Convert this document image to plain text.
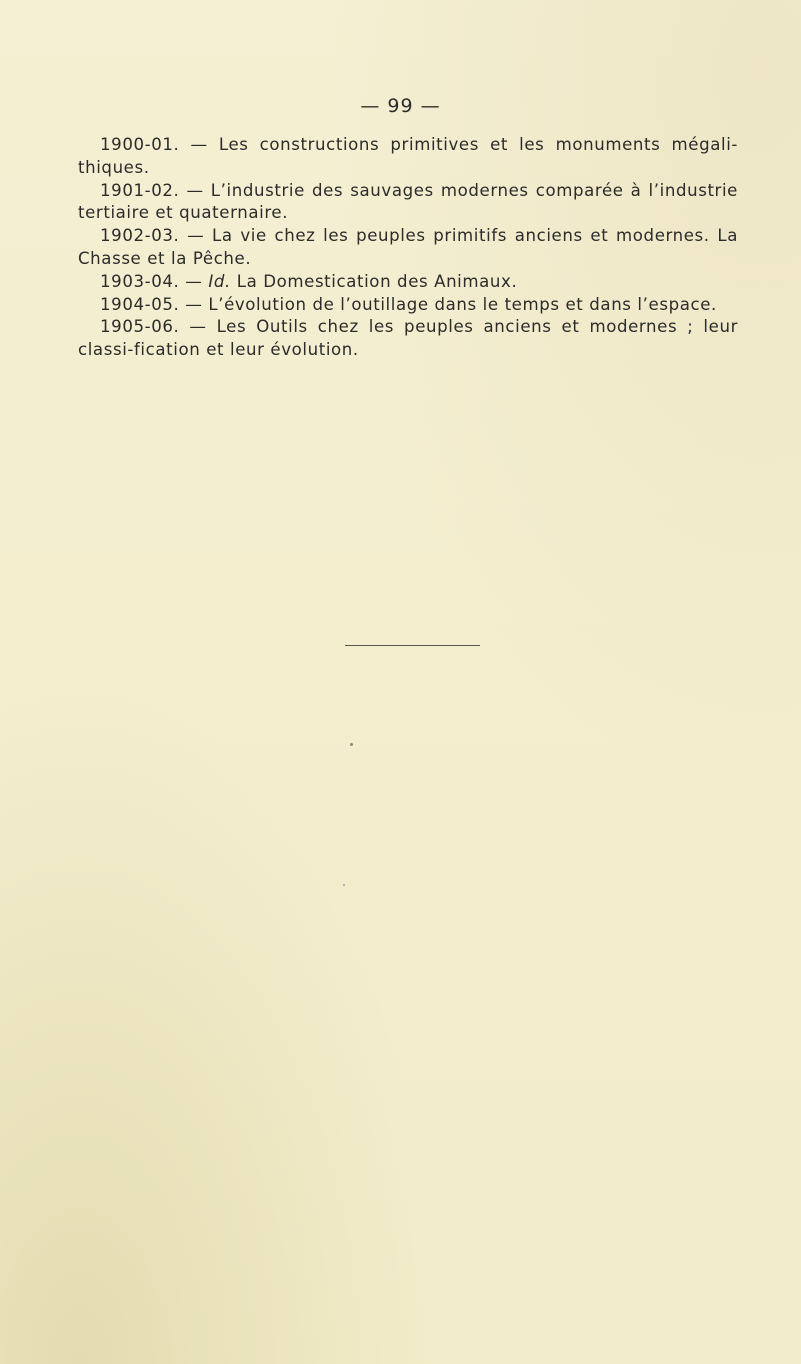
— 99 —

1900-01. — Les constructions primitives et les monuments mégali-thiques.

1901-02. — L’industrie des sauvages modernes comparée à l’industrie tertiaire et quaternaire.

1902-03. — La vie chez les peuples primitifs anciens et modernes. La Chasse et la Pêche.

1903-04. — Id. La Domestication des Animaux.

1904-05. — L’évolution de l’outillage dans le temps et dans l’espace.

1905-06. — Les Outils chez les peuples anciens et modernes ; leur classi-fication et leur évolution.
